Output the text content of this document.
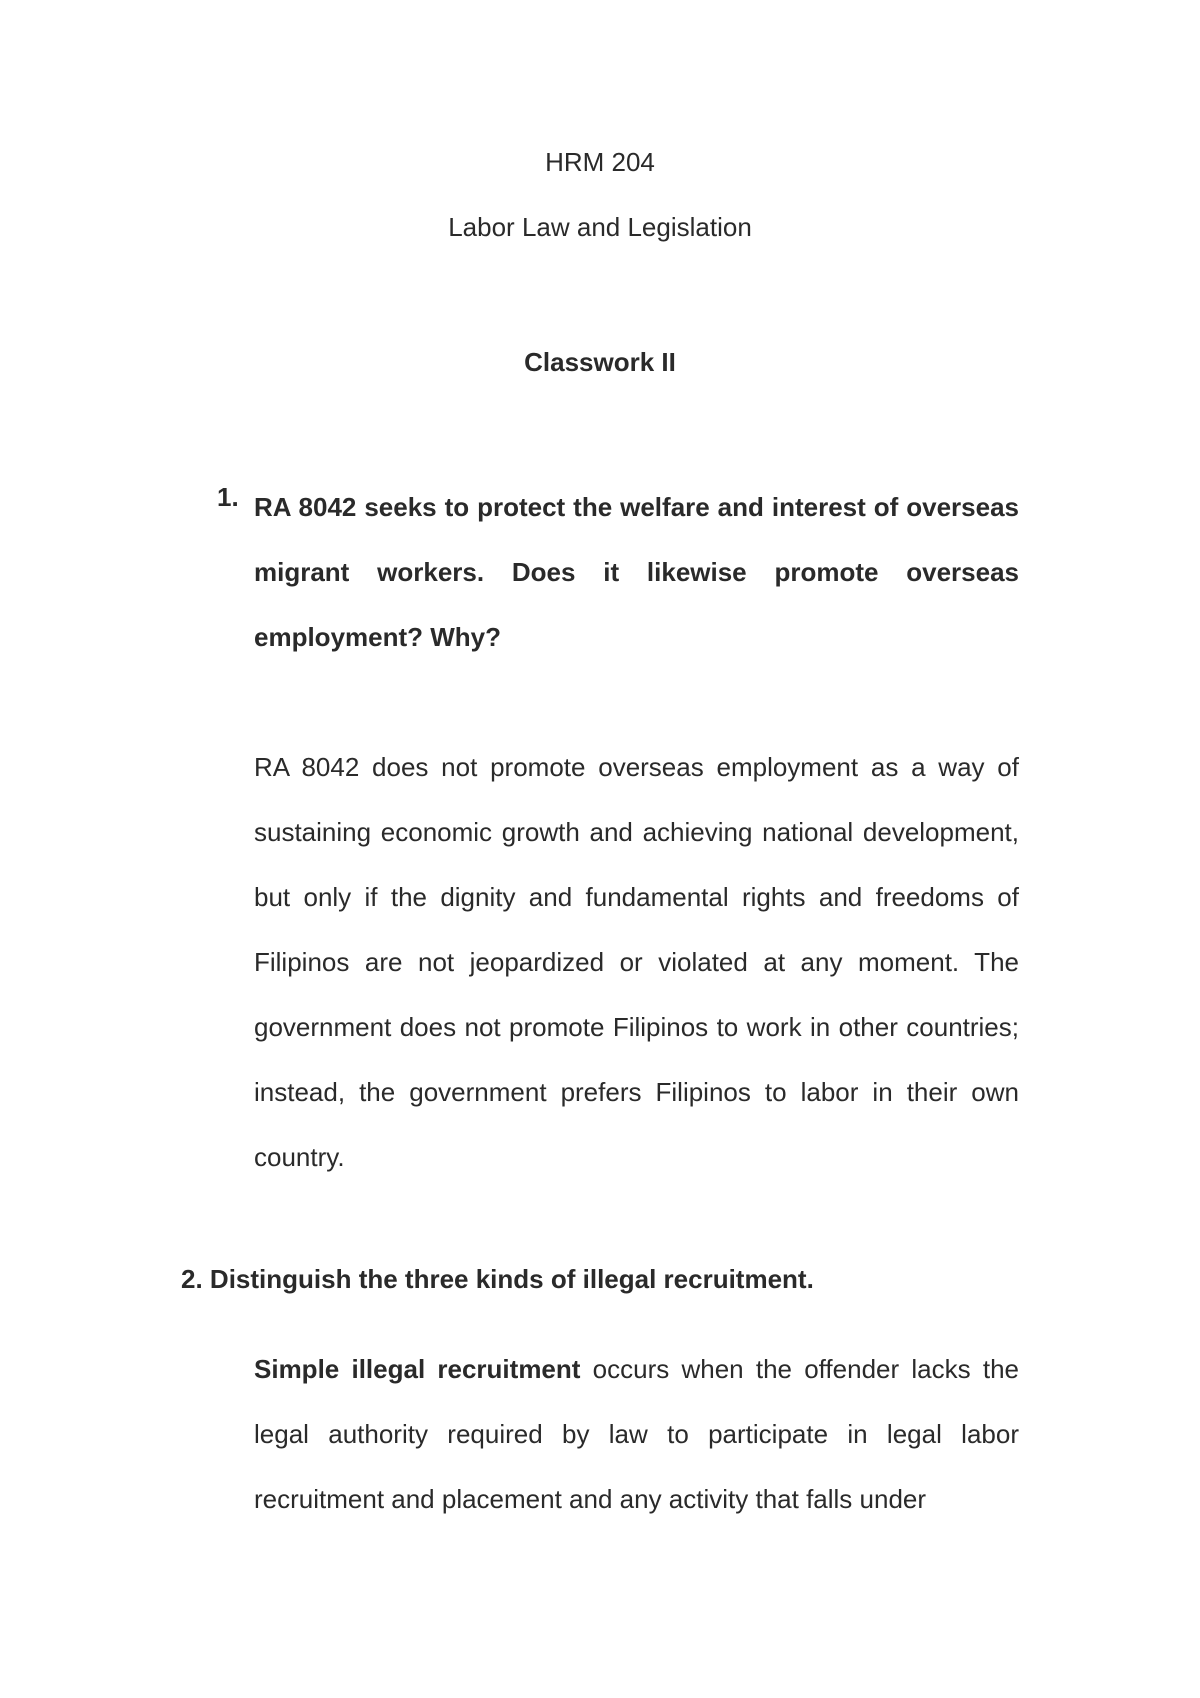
HRM 204
Labor Law and Legislation
Classwork II
1. RA 8042 seeks to protect the welfare and interest of overseas migrant workers. Does it likewise promote overseas employment? Why?
RA 8042 does not promote overseas employment as a way of sustaining economic growth and achieving national development, but only if the dignity and fundamental rights and freedoms of Filipinos are not jeopardized or violated at any moment. The government does not promote Filipinos to work in other countries; instead, the government prefers Filipinos to labor in their own country.
2. Distinguish the three kinds of illegal recruitment.
Simple illegal recruitment occurs when the offender lacks the legal authority required by law to participate in legal labor recruitment and placement and any activity that falls under
